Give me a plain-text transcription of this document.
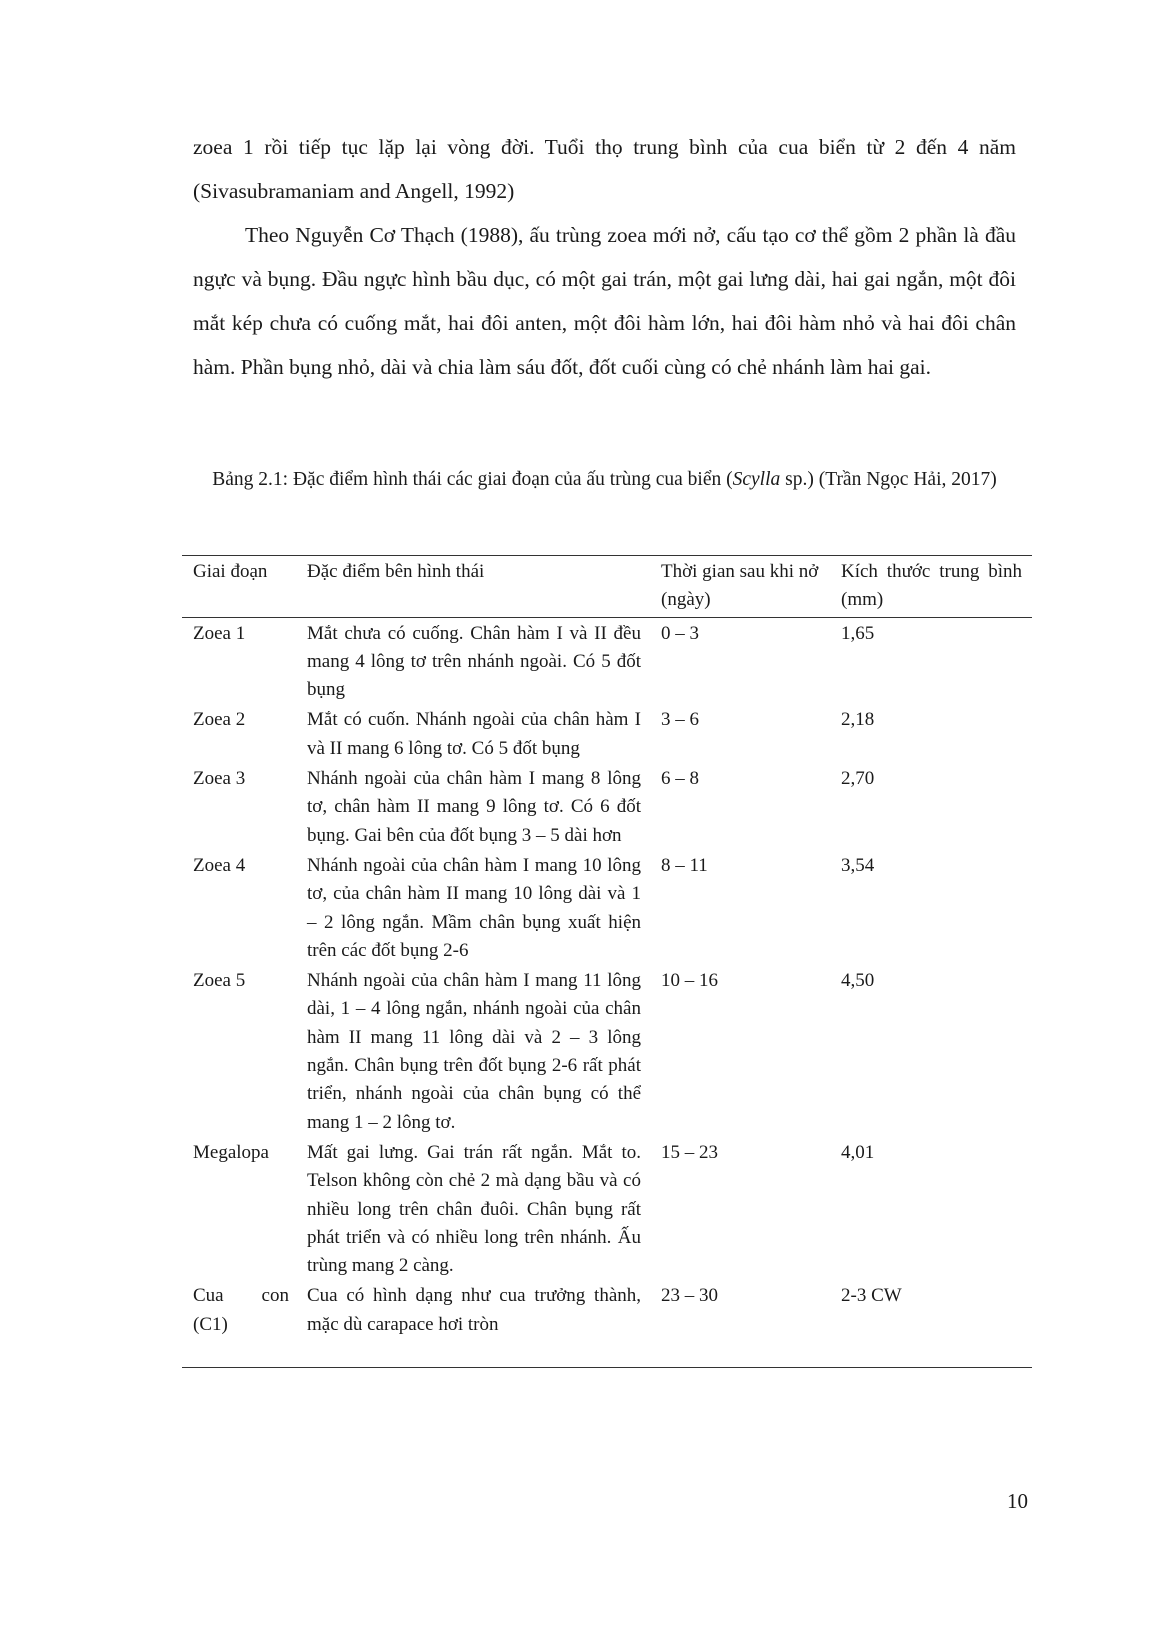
zoea 1 rồi tiếp tục lặp lại vòng đời. Tuổi thọ trung bình của cua biển từ 2 đến 4 năm (Sivasubramaniam and Angell, 1992)

Theo Nguyễn Cơ Thạch (1988), ấu trùng zoea mới nở, cấu tạo cơ thể gồm 2 phần là đầu ngực và bụng. Đầu ngực hình bầu dục, có một gai trán, một gai lưng dài, hai gai ngắn, một đôi mắt kép chưa có cuống mắt, hai đôi anten, một đôi hàm lớn, hai đôi hàm nhỏ và hai đôi chân hàm. Phần bụng nhỏ, dài và chia làm sáu đốt, đốt cuối cùng có chẻ nhánh làm hai gai.

Bảng 2.1: Đặc điểm hình thái các giai đoạn của ấu trùng cua biển (Scylla sp.) (Trần Ngọc Hải, 2017)

Giai đoạn	Đặc điểm bên hình thái	Thời gian sau khi nở (ngày)	Kích thước trung bình (mm)
Zoea 1	Mắt chưa có cuống. Chân hàm I và II đều mang 4 lông tơ trên nhánh ngoài. Có 5 đốt bụng	0 – 3	1,65
Zoea 2	Mắt có cuốn. Nhánh ngoài của chân hàm I và II mang 6 lông tơ. Có 5 đốt bụng	3 – 6	2,18
Zoea 3	Nhánh ngoài của chân hàm I mang 8 lông tơ, chân hàm II mang 9 lông tơ. Có 6 đốt bụng. Gai bên của đốt bụng 3 – 5 dài hơn	6 – 8	2,70
Zoea 4	Nhánh ngoài của chân hàm I mang 10 lông tơ, của chân hàm II mang 10 lông dài và 1 – 2 lông ngắn. Mầm chân bụng xuất hiện trên các đốt bụng 2-6	8 – 11	3,54
Zoea 5	Nhánh ngoài của chân hàm I mang 11 lông dài, 1 – 4 lông ngắn, nhánh ngoài của chân hàm II mang 11 lông dài và 2 – 3 lông ngắn. Chân bụng trên đốt bụng 2-6 rất phát triển, nhánh ngoài của chân bụng có thể mang 1 – 2 lông tơ.	10 – 16	4,50
Megalopa	Mất gai lưng. Gai trán rất ngắn. Mắt to. Telson không còn chẻ 2 mà dạng bầu và có nhiều long trên chân đuôi. Chân bụng rất phát triển và có nhiều long trên nhánh. Ấu trùng mang 2 càng.	15 – 23	4,01
Cua con (C1)	Cua có hình dạng như cua trưởng thành, mặc dù carapace hơi tròn	23 – 30	2-3 CW
10
